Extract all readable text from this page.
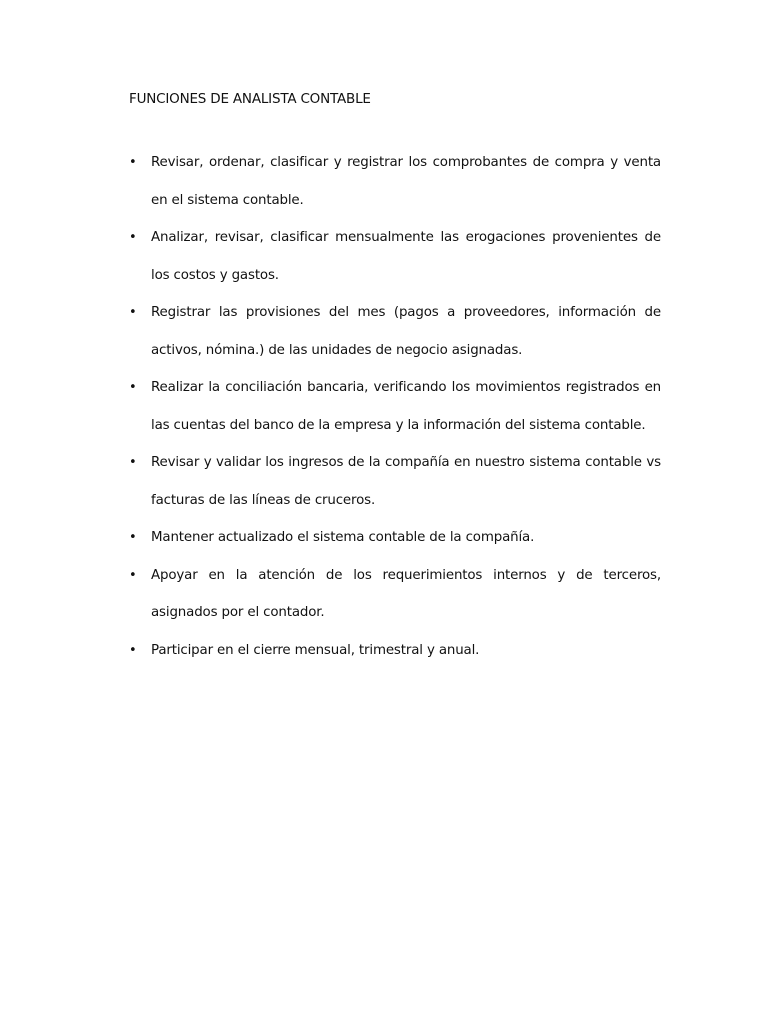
FUNCIONES DE ANALISTA CONTABLE
• Revisar, ordenar, clasificar y registrar los comprobantes de compra y venta en el sistema contable.
• Analizar, revisar, clasificar mensualmente las erogaciones provenientes de los costos y gastos.
• Registrar las provisiones del mes (pagos a proveedores, información de activos, nómina.) de las unidades de negocio asignadas.
• Realizar la conciliación bancaria, verificando los movimientos registrados en las cuentas del banco de la empresa y la información del sistema contable.
• Revisar y validar los ingresos de la compañía en nuestro sistema contable vs facturas de las líneas de cruceros.
• Mantener actualizado el sistema contable de la compañía.
• Apoyar en la atención de los requerimientos internos y de terceros, asignados por el contador.
• Participar en el cierre mensual, trimestral y anual.
